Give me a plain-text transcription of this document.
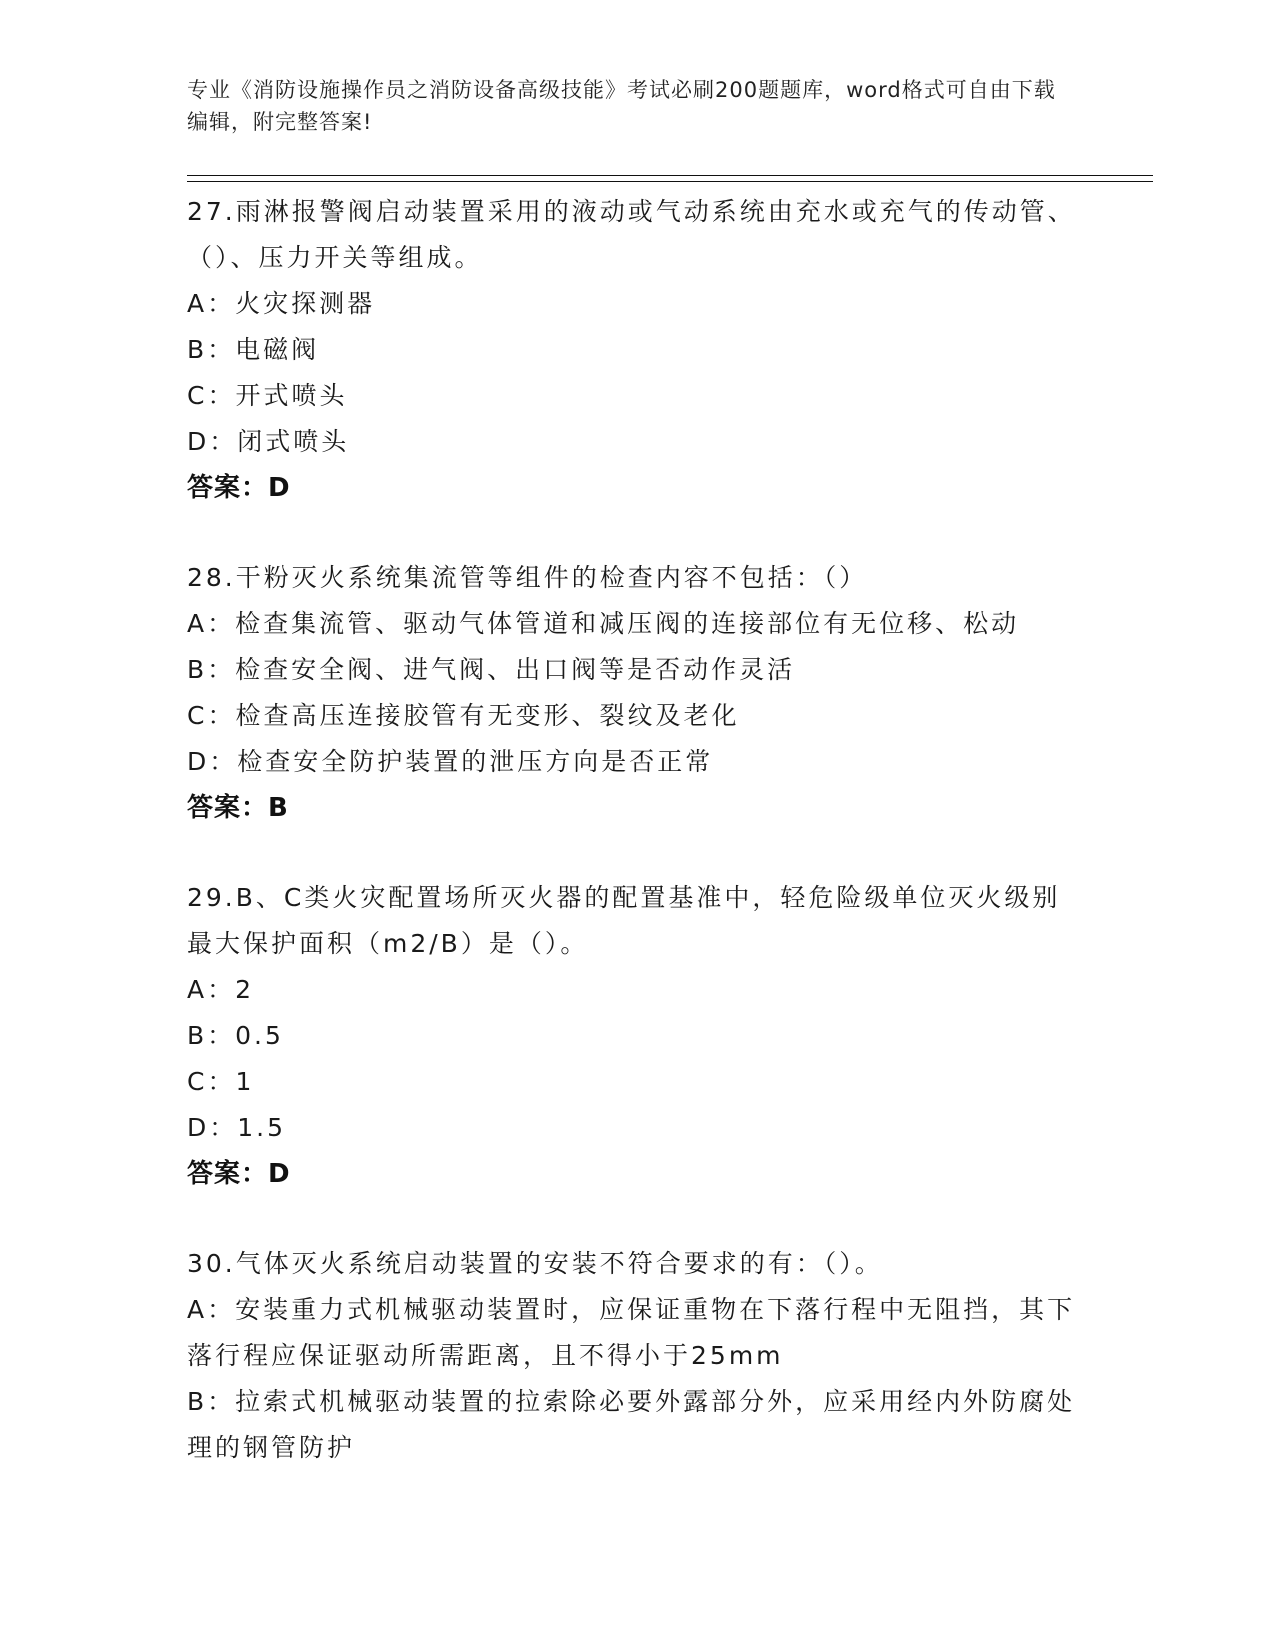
专业《消防设施操作员之消防设备高级技能》考试必刷200题题库，word格式可自由下载编辑，附完整答案!
27.雨淋报警阀启动装置采用的液动或气动系统由充水或充气的传动管、（）、压力开关等组成。
A：火灾探测器
B：电磁阀
C：开式喷头
D：闭式喷头
答案：D
28.干粉灭火系统集流管等组件的检查内容不包括：（）
A：检查集流管、驱动气体管道和减压阀的连接部位有无位移、松动
B：检查安全阀、进气阀、出口阀等是否动作灵活
C：检查高压连接胶管有无变形、裂纹及老化
D：检查安全防护装置的泄压方向是否正常
答案：B
29.B、C类火灾配置场所灭火器的配置基准中，轻危险级单位灭火级别最大保护面积（m2/B）是（）。
A：2
B：0.5
C：1
D：1.5
答案：D
30.气体灭火系统启动装置的安装不符合要求的有：（）。
A：安装重力式机械驱动装置时，应保证重物在下落行程中无阻挡，其下落行程应保证驱动所需距离，且不得小于25mm
B：拉索式机械驱动装置的拉索除必要外露部分外，应采用经内外防腐处理的钢管防护
